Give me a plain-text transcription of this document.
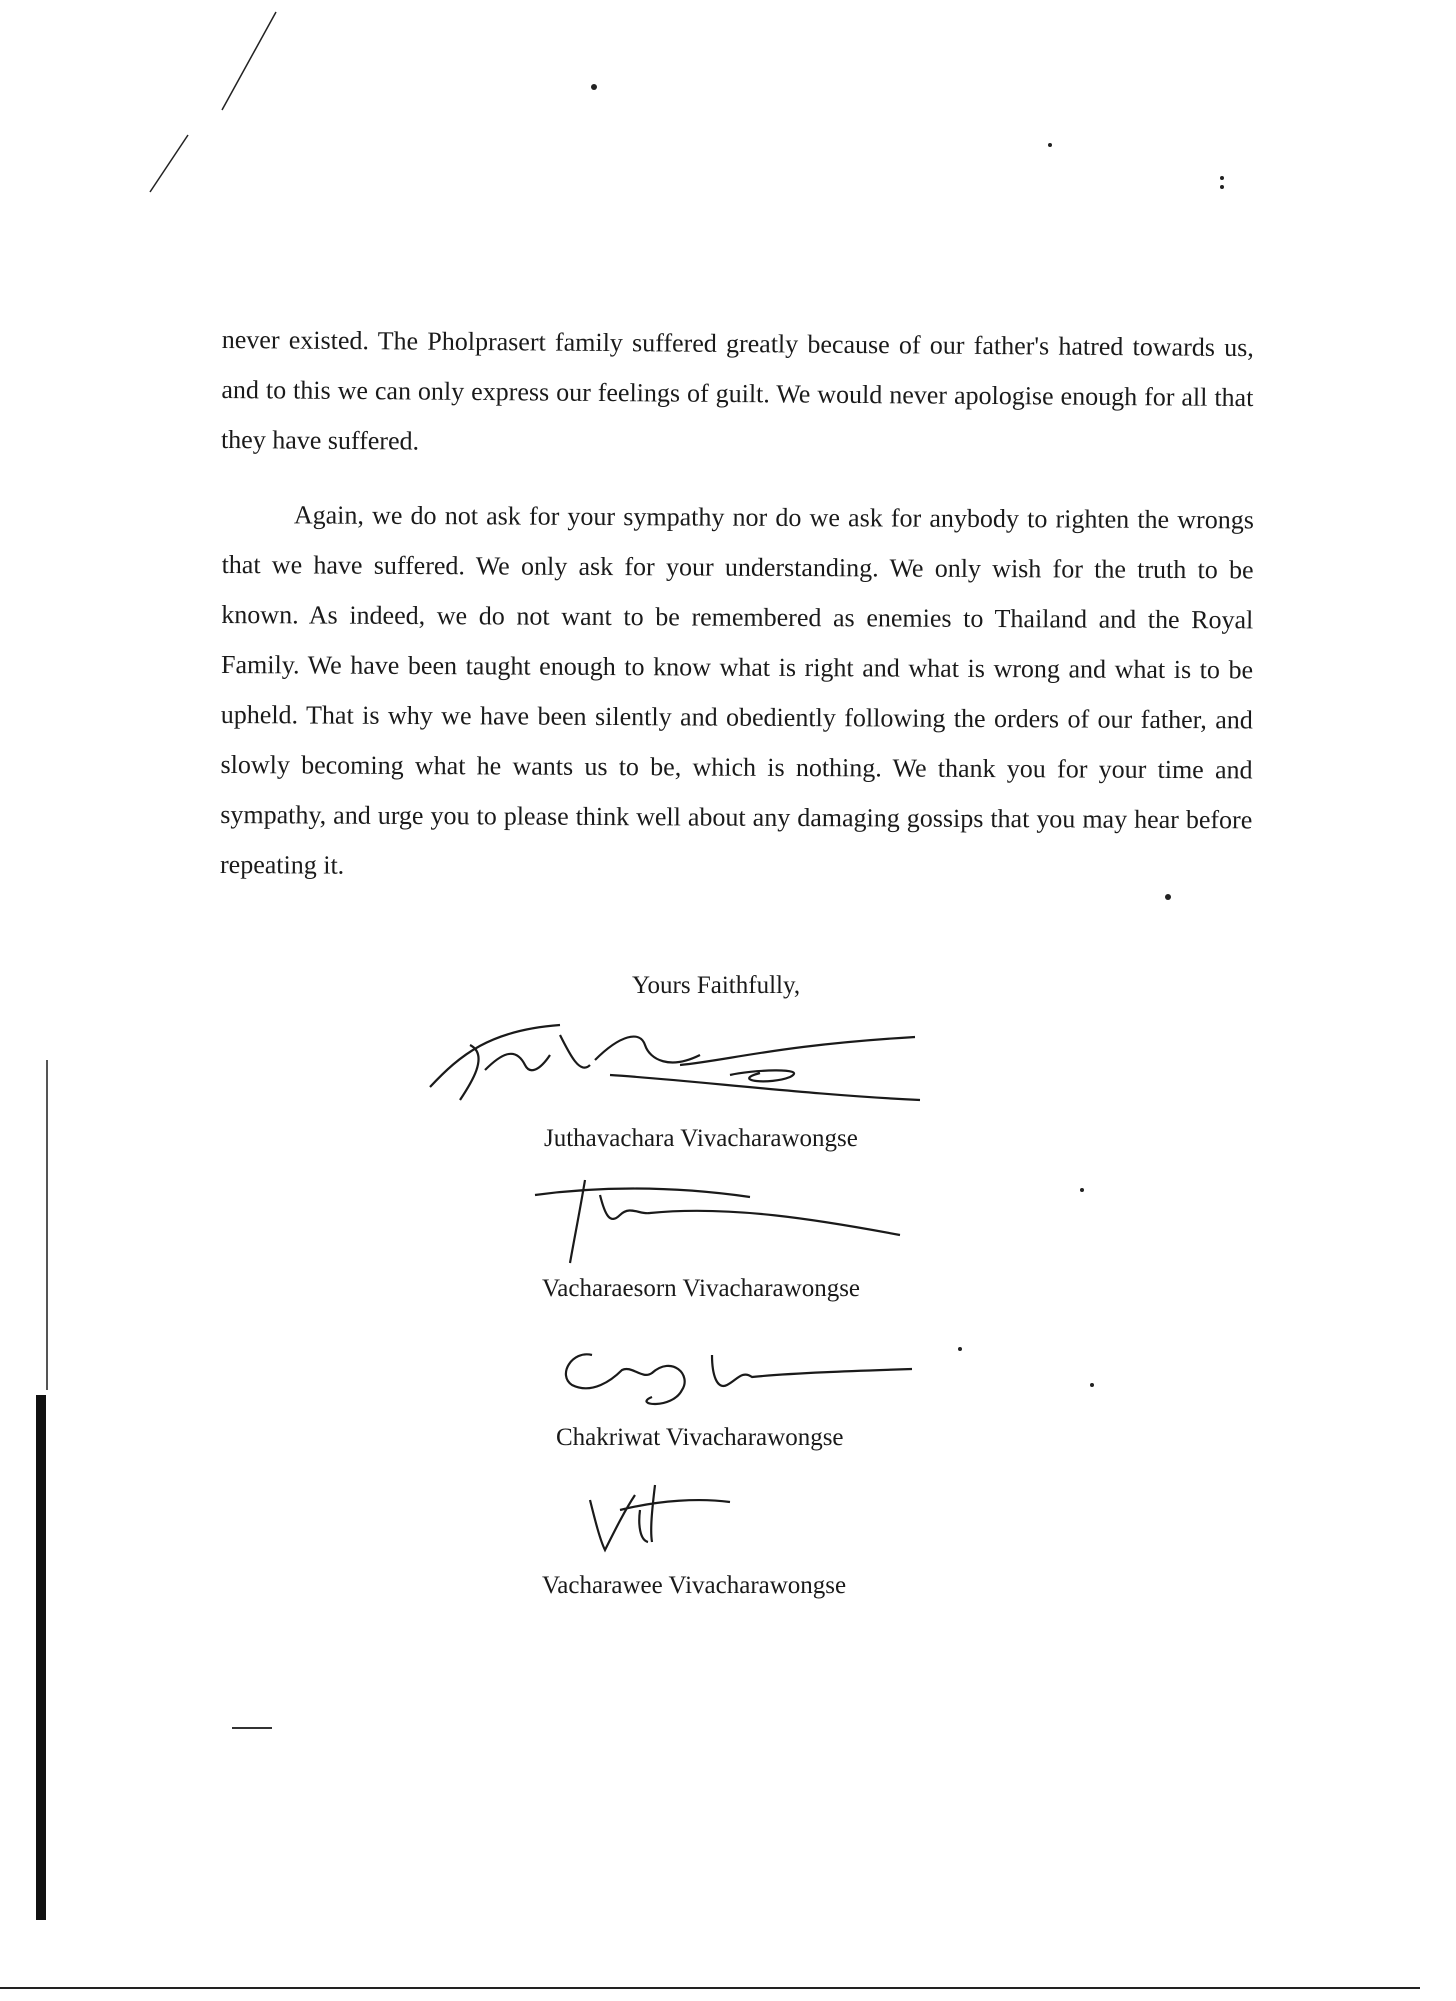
never existed. The Pholprasert family suffered greatly because of our father's hatred towards us, and to this we can only express our feelings of guilt. We would never apologise enough for all that they have suffered.

Again, we do not ask for your sympathy nor do we ask for anybody to righten the wrongs that we have suffered. We only ask for your understanding. We only wish for the truth to be known. As indeed, we do not want to be remembered as enemies to Thailand and the Royal Family. We have been taught enough to know what is right and what is wrong and what is to be upheld. That is why we have been silently and obediently following the orders of our father, and slowly becoming what he wants us to be, which is nothing. We thank you for your time and sympathy, and urge you to please think well about any damaging gossips that you may hear before repeating it.

Yours Faithfully,

Juthavachara Vivacharawongse

Vacharaesorn Vivacharawongse

Chakriwat Vivacharawongse

Vacharawee Vivacharawongse
